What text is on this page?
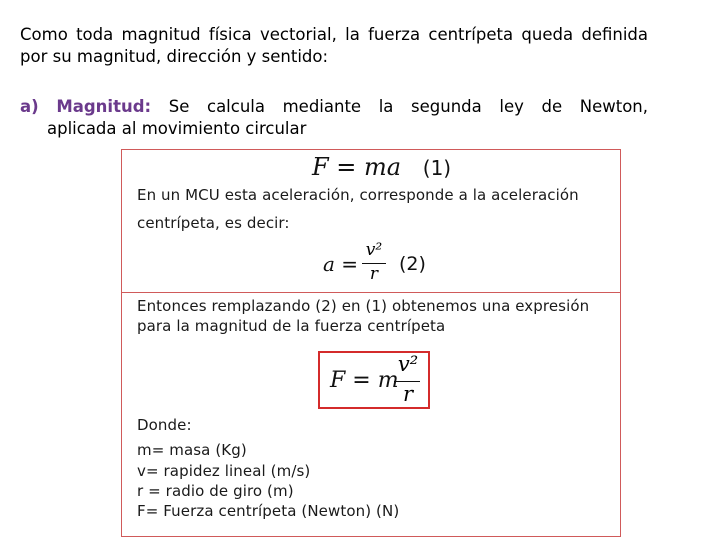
Como toda magnitud física vectorial, la fuerza centrípeta queda definida por su magnitud, dirección y sentido:

a) Magnitud: Se calcula mediante la segunda ley de Newton,
aplicada al movimiento circular
F = ma (1)
En un MCU esta aceleración, corresponde a la aceleración
centrípeta, es decir:
a =
v²
r	(2)
Entonces remplazando (2) en (1) obtenemos una expresión
para la magnitud de la fuerza centrípeta
F = m
v²
r
Donde:
m= masa (Kg)
v= rapidez lineal (m/s)
r = radio de giro (m)
F= Fuerza centrípeta (Newton) (N)
